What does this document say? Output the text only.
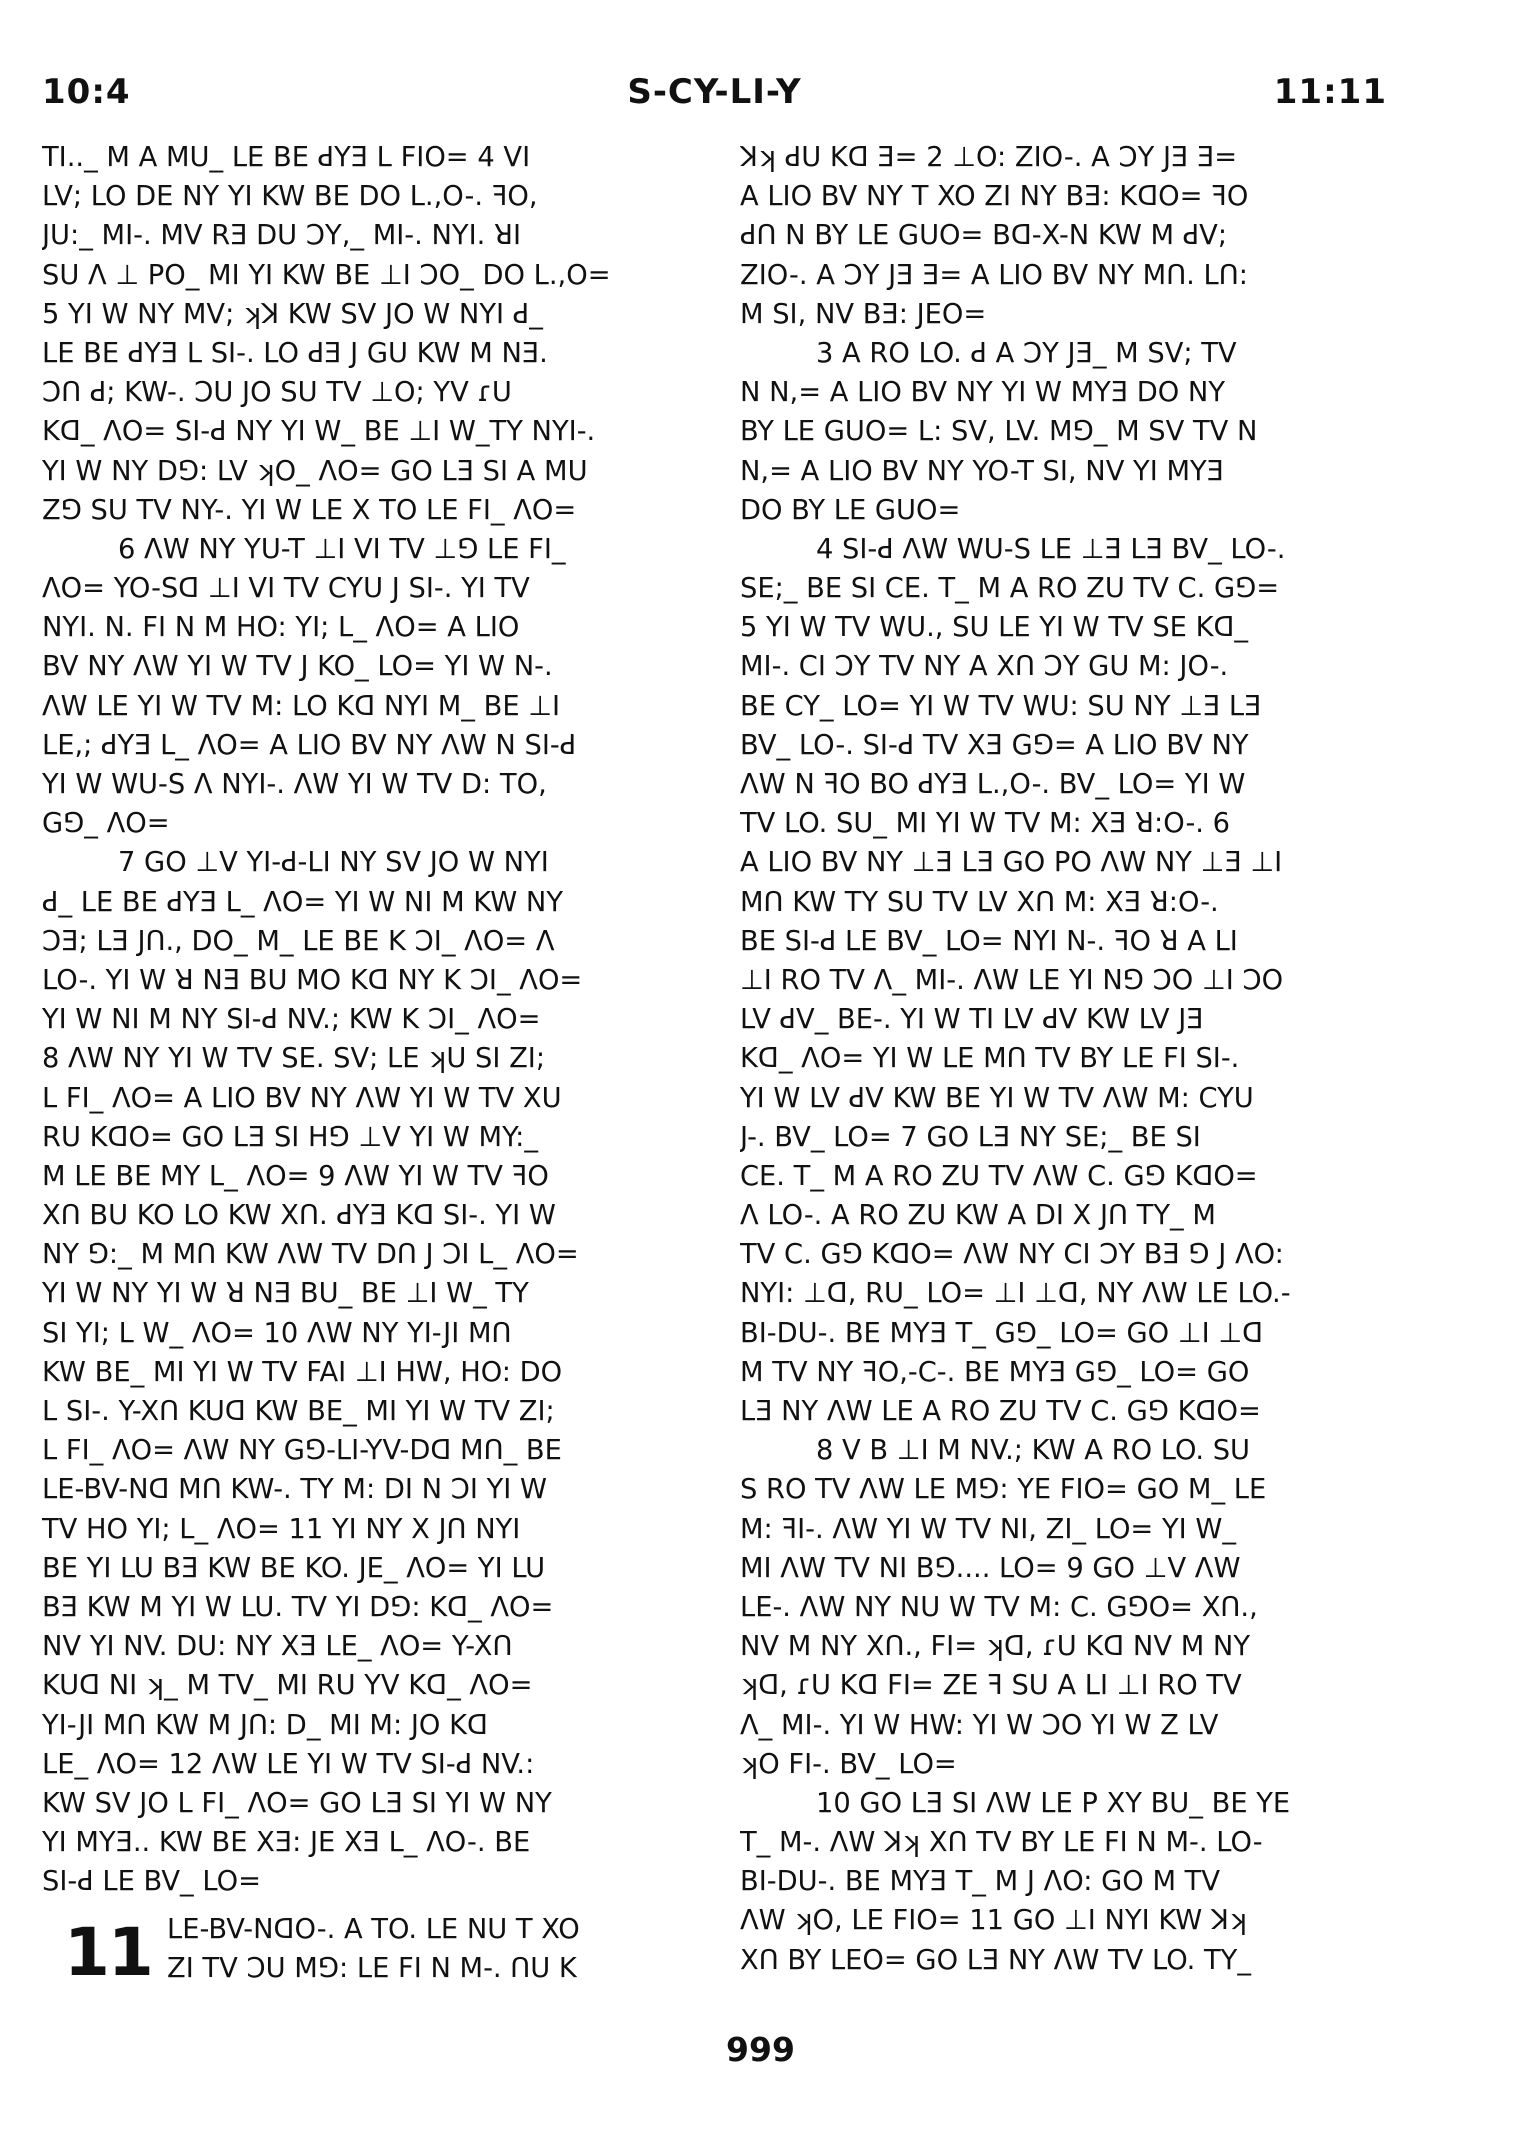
10:4	S-CY-LI-Y	11:11
TI.._ M A MU_ LE BE ꓒYƎ L FIO= 4 VI
LV; LO DE NY YI KW BE DO L.,O-. ꟻO,
JU:_ MI-. MV RƎ DU ƆY,_ MI-. NYI. ꓤI
SU Λ ⊥ PO_ MI YI KW BE ⊥I ƆO_ DO L.,O=
5 YI W NY MV; ʞꓘ KW SV JO W NYI ꓒ_
LE BE ꓒYƎ L SI-. LO ꓒƎ J GU KW M NƎ.
Ɔꓵ ꓒ; KW-. ƆU JO SU TV ⊥O; YV ɾU
Kꓷ_ ΛO= SI-ꓒ NY YI W_ BE ⊥I W_TY NYI-.
YI W NY D⅁: LV ʞO_ ΛO= GO LƎ SI A MU
Z⅁ SU TV NY-. YI W LE X TO LE FI_ ΛO=
6 ΛW NY YU-T ⊥I VI TV ⊥⅁ LE FI_
ΛO= YO-Sꓷ ⊥I VI TV CYU J SI-. YI TV
NYI. N. FI N M HO: YI; L_ ΛO= A LIO
BV NY ΛW YI W TV J KO_ LO= YI W N-.
ΛW LE YI W TV M: LO Kꓷ NYI M_ BE ⊥I
LE,; ꓒYƎ L_ ΛO= A LIO BV NY ΛW N SI-ꓒ
YI W WU-S Λ NYI-. ΛW YI W TV D: TO,
G⅁_ ΛO=
7 GO ⊥V YI-ꓒ-LI NY SV JO W NYI
ꓒ_ LE BE ꓒYƎ L_ ΛO= YI W NI M KW NY
ƆƎ; LƎ Jꓵ., DO_ M_ LE BE K ƆI_ ΛO= Λ
LO-. YI W ꓤ NƎ BU MO Kꓷ NY K ƆI_ ΛO=
YI W NI M NY SI-ꓒ NV.; KW K ƆI_ ΛO=
8 ΛW NY YI W TV SE. SV; LE ʞU SI ZI;
L FI_ ΛO= A LIO BV NY ΛW YI W TV XU
RU KꓷO= GO LƎ SI H⅁ ⊥V YI W MY:_
M LE BE MY L_ ΛO= 9 ΛW YI W TV ꟻO
Xꓵ BU KO LO KW Xꓵ. ꓒYƎ Kꓷ SI-. YI W
NY ⅁:_ M Mꓵ KW ΛW TV Dꓵ J ƆI L_ ΛO=
YI W NY YI W ꓤ NƎ BU_ BE ⊥I W_ TY
SI YI; L W_ ΛO= 10 ΛW NY YI-JI Mꓵ
KW BE_ MI YI W TV FAI ⊥I HW, HO: DO
L SI-. Y-Xꓵ KUꓷ KW BE_ MI YI W TV ZI;
L FI_ ΛO= ΛW NY G⅁-LI-YV-Dꓷ Mꓵ_ BE
LE-BV-Nꓷ Mꓵ KW-. TY M: DI N ƆI YI W
TV HO YI; L_ ΛO= 11 YI NY X Jꓵ NYI
BE YI LU BƎ KW BE KO. JE_ ΛO= YI LU
BƎ KW M YI W LU. TV YI D⅁: Kꓷ_ ΛO=
NV YI NV. DU: NY XƎ LE_ ΛO= Y-Xꓵ
KUꓷ NI ʞ_ M TV_ MI RU YV Kꓷ_ ΛO=
YI-JI Mꓵ KW M Jꓵ: D_ MI M: JO Kꓷ
LE_ ΛO= 12 ΛW LE YI W TV SI-ꓒ NV.:
KW SV JO L FI_ ΛO= GO LƎ SI YI W NY
YI MYƎ.. KW BE XƎ: JE XƎ L_ ΛO-. BE
SI-ꓒ LE BV_ LO=
11 LE-BV-NꓷO-. A TO. LE NU T XO
ZI TV ƆU M⅁: LE FI N M-. ꓵU K
ꓘʞ ꓒU Kꓷ Ǝ= 2 ⊥O: ZIO-. A ƆY JƎ Ǝ=
A LIO BV NY T XO ZI NY BƎ: KꓷO= ꟻO
ꓒꓵ N BY LE GUO= Bꓷ-X-N KW M ꓒV;
ZIO-. A ƆY JƎ Ǝ= A LIO BV NY Mꓵ. Lꓵ:
M SI, NV BƎ: JEO=
3 A RO LO. ꓒ A ƆY JƎ_ M SV; TV
N N,= A LIO BV NY YI W MYƎ DO NY
BY LE GUO= L: SV, LV. M⅁_ M SV TV N
N,= A LIO BV NY YO-T SI, NV YI MYƎ
DO BY LE GUO=
4 SI-ꓒ ΛW WU-S LE ⊥Ǝ LƎ BV_ LO-.
SE;_ BE SI CE. T_ M A RO ZU TV C. G⅁=
5 YI W TV WU., SU LE YI W TV SE Kꓷ_
MI-. CI ƆY TV NY A Xꓵ ƆY GU M: JO-.
BE CY_ LO= YI W TV WU: SU NY ⊥Ǝ LƎ
BV_ LO-. SI-ꓒ TV XƎ G⅁= A LIO BV NY
ΛW N ꟻO BO ꓒYƎ L.,O-. BV_ LO= YI W
TV LO. SU_ MI YI W TV M: XƎ ꓤ:O-. 6
A LIO BV NY ⊥Ǝ LƎ GO PO ΛW NY ⊥Ǝ ⊥I
Mꓵ KW TY SU TV LV Xꓵ M: XƎ ꓤ:O-.
BE SI-ꓒ LE BV_ LO= NYI N-. ꟻO ꓤ A LI
⊥I RO TV Λ_ MI-. ΛW LE YI N⅁ ƆO ⊥I ƆO
LV ꓒV_ BE-. YI W TI LV ꓒV KW LV JƎ
Kꓷ_ ΛO= YI W LE Mꓵ TV BY LE FI SI-.
YI W LV ꓒV KW BE YI W TV ΛW M: CYU
J-. BV_ LO= 7 GO LƎ NY SE;_ BE SI
CE. T_ M A RO ZU TV ΛW C. G⅁ KꓷO=
Λ LO-. A RO ZU KW A DI X Jꓵ TY_ M
TV C. G⅁ KꓷO= ΛW NY CI ƆY BƎ ⅁ J ΛO:
NYI: ⊥ꓷ, RU_ LO= ⊥I ⊥ꓷ, NY ΛW LE LO.-
BI-DU-. BE MYƎ T_ G⅁_ LO= GO ⊥I ⊥ꓷ
M TV NY ꟻO,-C-. BE MYƎ G⅁_ LO= GO
LƎ NY ΛW LE A RO ZU TV C. G⅁ KꓷO=
8 V B ⊥I M NV.; KW A RO LO. SU
S RO TV ΛW LE M⅁: YE FIO= GO M_ LE
M: ꟻI-. ΛW YI W TV NI, ZI_ LO= YI W_
MI ΛW TV NI B⅁.... LO= 9 GO ⊥V ΛW
LE-. ΛW NY NU W TV M: C. G⅁O= Xꓵ.,
NV M NY Xꓵ., FI= ʞꓷ, ɾU Kꓷ NV M NY
ʞꓷ, ɾU Kꓷ FI= ZE ꟻ SU A LI ⊥I RO TV
Λ_ MI-. YI W HW: YI W ƆO YI W Z LV
ʞO FI-. BV_ LO=
10 GO LƎ SI ΛW LE P XY BU_ BE YE
T_ M-. ΛW ꓘʞ Xꓵ TV BY LE FI N M-. LO-
BI-DU-. BE MYƎ T_ M J ΛO: GO M TV
ΛW ʞO, LE FIO= 11 GO ⊥I NYI KW ꓘʞ
Xꓵ BY LEO= GO LƎ NY ΛW TV LO. TY_
999
